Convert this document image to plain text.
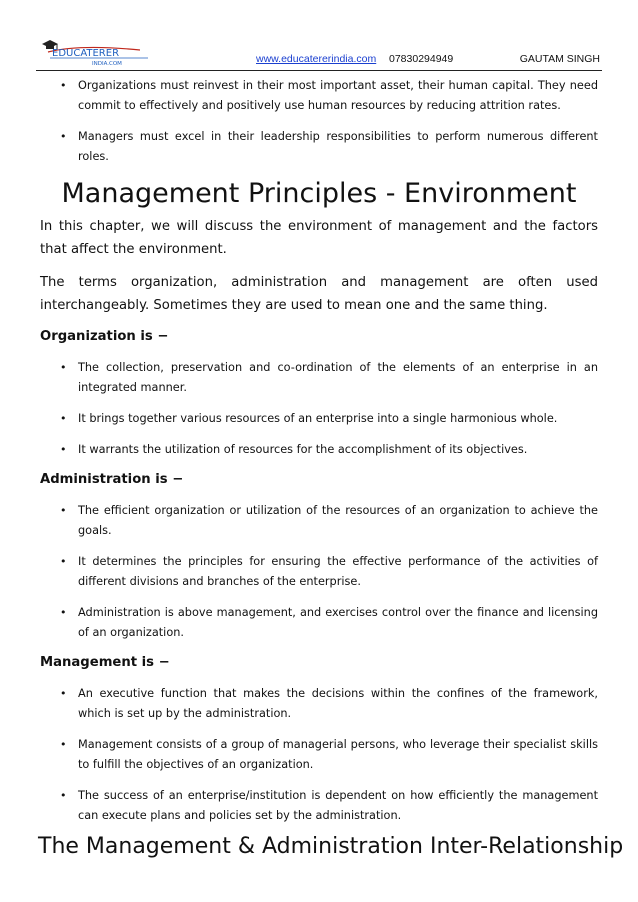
EDUCATERER
INDIA.COM	www.educatererindia.com 07830294949	GAUTAM SINGH
• Organizations must reinvest in their most important asset, their human capital. They need commit to effectively and positively use human resources by reducing attrition rates.
• Managers must excel in their leadership responsibilities to perform numerous different roles.
Management Principles - Environment

In this chapter, we will discuss the environment of management and the factors that affect the environment.

The terms organization, administration and management are often used
interchangeably. Sometimes they are used to mean one and the same thing.

Organization is −
• The collection, preservation and co-ordination of the elements of an enterprise in an integrated manner.
• It brings together various resources of an enterprise into a single harmonious whole.
• It warrants the utilization of resources for the accomplishment of its objectives.
Administration is −
• The efficient organization or utilization of the resources of an organization to achieve the goals.
• It determines the principles for ensuring the effective performance of the activities of different divisions and branches of the enterprise.
• Administration is above management, and exercises control over the finance and licensing of an organization.
Management is −
• An executive function that makes the decisions within the confines of the framework, which is set up by the administration.
• Management consists of a group of managerial persons, who leverage their specialist skills to fulfill the objectives of an organization.
• The success of an enterprise/institution is dependent on how efficiently the management can execute plans and policies set by the administration.
The Management & Administration Inter-Relationship
